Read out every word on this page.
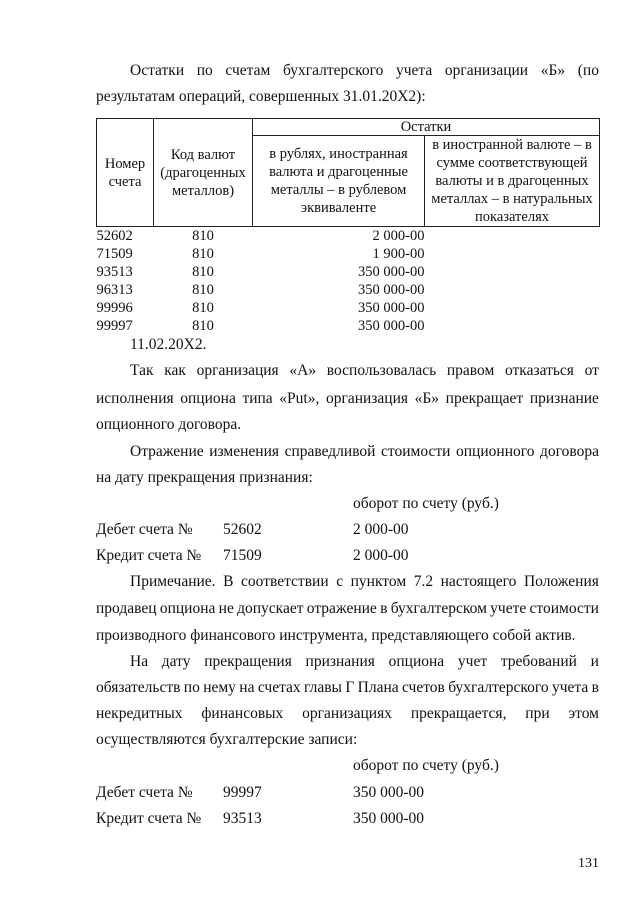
Остатки по счетам бухгалтерского учета организации «Б» (по
результатам операций, совершенных 31.01.20Х2):
Номер счета	Код валют (драгоценных металлов)	Остатки	
		в рублях, иностранная валюта и драгоценные металлы – в рублевом эквиваленте	в иностранной валюте – в сумме соответствующей валюты и в драгоценных металлах – в натуральных показателях
52602	810	2 000-00	
71509	810	1 900-00	
93513	810	350 000-00	
96313	810	350 000-00	
99996	810	350 000-00	
99997	810	350 000-00	
11.02.20Х2.
Так как организация «А» воспользовалась правом отказаться от
исполнения опциона типа «Put», организация «Б» прекращает признание
опционного договора.
Отражение изменения справедливой стоимости опционного договора
на дату прекращения признания:
оборот по счету (руб.)
Дебет счета № 52602	2 000-00
Кредит счета № 71509	2 000-00
Примечание. В соответствии с пунктом 7.2 настоящего Положения
продавец опциона не допускает отражение в бухгалтерском учете стоимости
производного финансового инструмента, представляющего собой актив.
На дату прекращения признания опциона учет требований и
обязательств по нему на счетах главы Г Плана счетов бухгалтерского учета в
некредитных финансовых организациях прекращается, при этом
осуществляются бухгалтерские записи:
оборот по счету (руб.)
Дебет счета № 99997	350 000-00
Кредит счета № 93513	350 000-00
131
